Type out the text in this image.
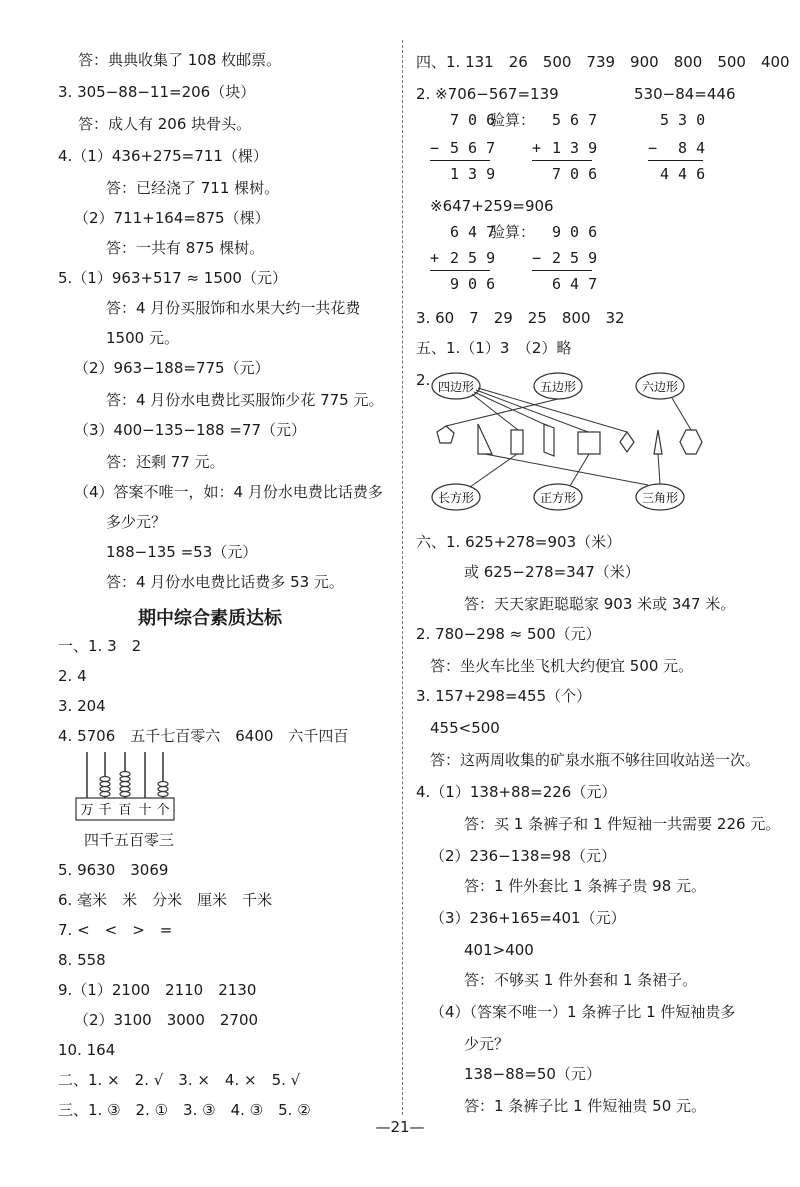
答：典典收集了 108 枚邮票。
3. 305−88−11=206（块）
答：成人有 206 块骨头。
4.（1）436+275=711（棵）
答：已经浇了 711 棵树。
（2）711+164=875（棵）
答：一共有 875 棵树。
5.（1）963+517 ≈ 1500（元）
答：4 月份买服饰和水果大约一共花费
1500 元。
（2）963−188=775（元）
答：4 月份水电费比买服饰少花 775 元。
（3）400−135−188 =77（元）
答：还剩 77 元。
（4）答案不唯一，如：4 月份水电费比话费多
多少元？
188−135 =53（元）
答：4 月份水电费比话费多 53 元。
期中综合素质达标
一、1. 3　2
2. 4
3. 204
4. 5706　五千七百零六　6400　六千四百
万 千 百 十 个
四千五百零三
5. 9630　3069
6. 毫米　米　分米　厘米　千米
7. <　<　>　=
8. 558
9.（1）2100　2110　2130
（2）3100　3000　2700
10. 164
二、1. ×　2. √　3. ×　4. ×　5. √
三、1. ③　2. ①　3. ③　4. ③　5. ②
四、1. 131　26　500　739　900　800　500　400
2. ※706−567=139	530−84=446
7 0 6
− 5 6 7
1 3 9
验算： 5 6 7
+ 1 3 9
7 0 6
5 3 0
− 8 4
4 4 6
※647+259=906
6 4 7
+ 2 5 9
9 0 6
验算： 9 0 6
− 2 5 9
6 4 7
3. 60　7　29　25　800　32
五、1.（1）3　（2）略
2. 四边形	五边形	六边形
长方形	正方形	三角形
六、1. 625+278=903（米）
或 625−278=347（米）
答：天天家距聪聪家 903 米或 347 米。
2. 780−298 ≈ 500（元）
答：坐火车比坐飞机大约便宜 500 元。
3. 157+298=455（个）
455<500
答：这两周收集的矿泉水瓶不够往回收站送一次。
4.（1）138+88=226（元）
答：买 1 条裤子和 1 件短袖一共需要 226 元。
（2）236−138=98（元）
答：1 件外套比 1 条裤子贵 98 元。
（3）236+165=401（元）
401>400
答：不够买 1 件外套和 1 条裙子。
（4）（答案不唯一）1 条裤子比 1 件短袖贵多
少元？
138−88=50（元）
答：1 条裤子比 1 件短袖贵 50 元。
—21—
